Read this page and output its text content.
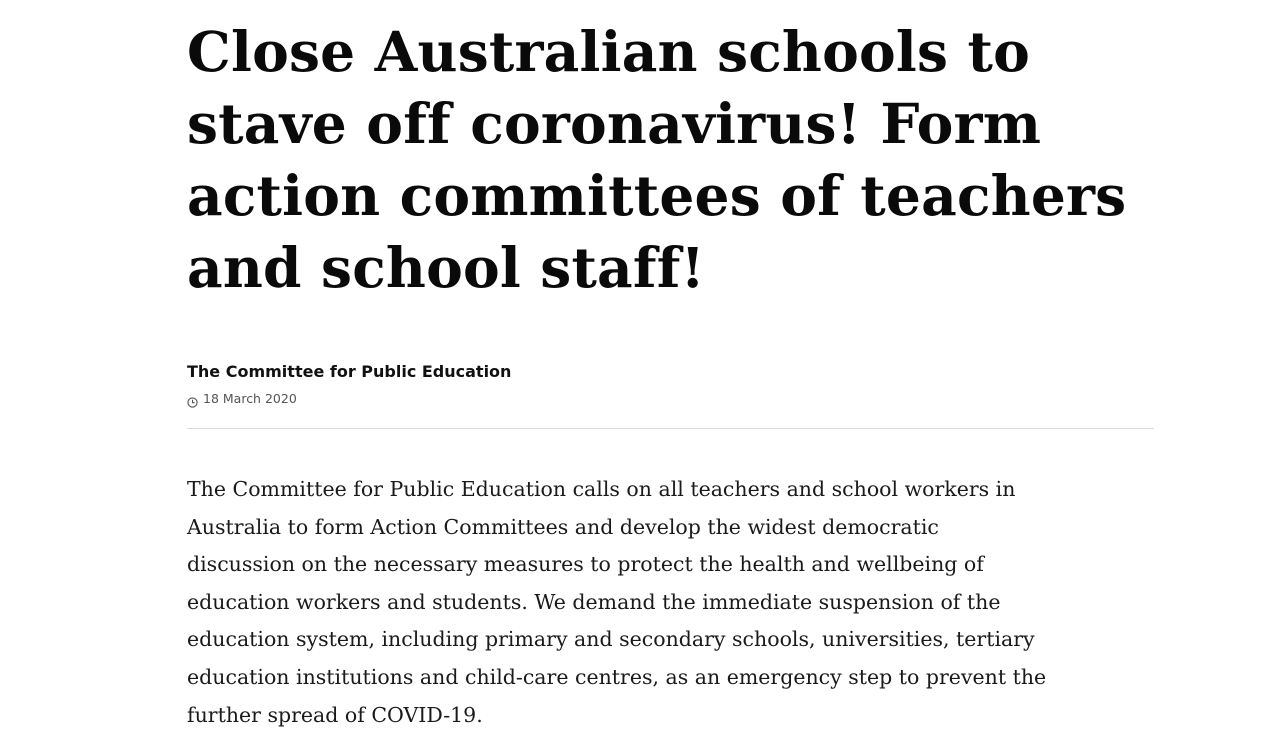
Close Australian schools to stave off coronavirus! Form action committees of teachers and school staff!
The Committee for Public Education
18 March 2020

The Committee for Public Education calls on all teachers and school workers in Australia to form Action Committees and develop the widest democratic discussion on the necessary measures to protect the health and wellbeing of education workers and students. We demand the immediate suspension of the education system, including primary and secondary schools, universities, tertiary education institutions and child-care centres, as an emergency step to prevent the further spread of COVID-19.
